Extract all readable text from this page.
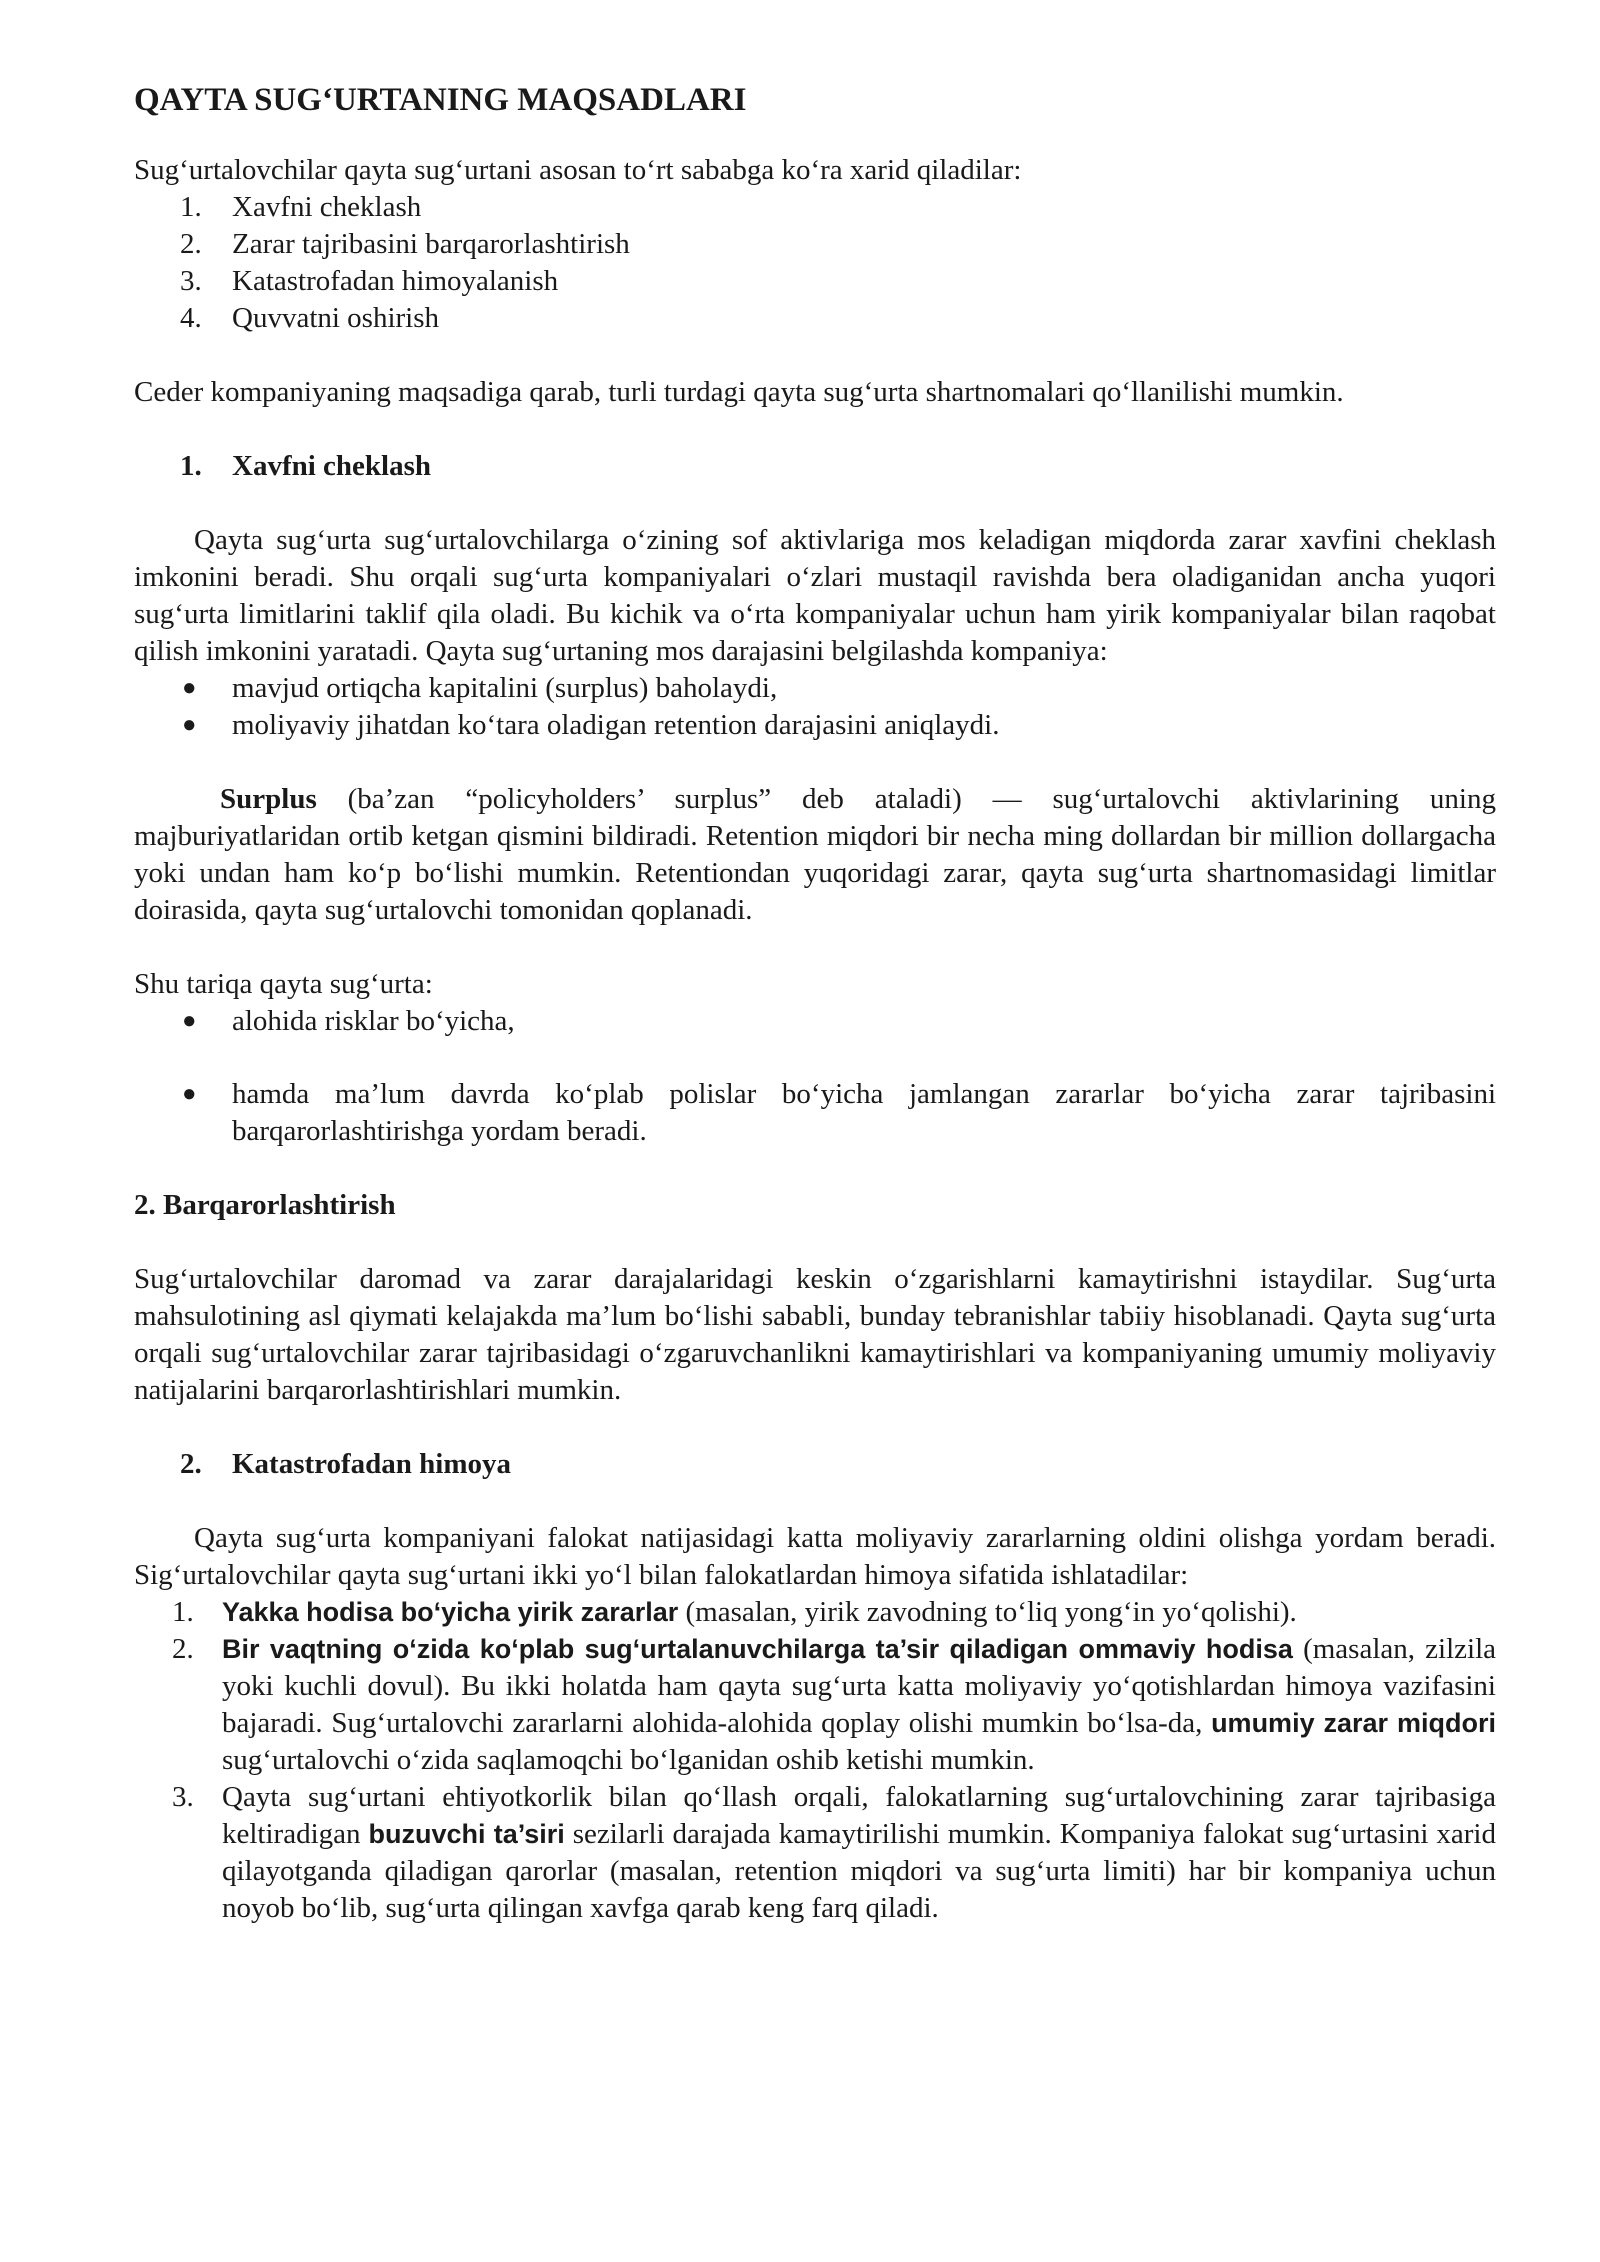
QAYTA SUG‘URTANING MAQSADLARI

Sug‘urtalovchilar qayta sug‘urtani asosan to‘rt sababga ko‘ra xarid qiladilar:

1. Xavfni cheklash
2. Zarar tajribasini barqarorlashtirish
3. Katastrofadan himoyalanish
4. Quvvatni oshirish

Ceder kompaniyaning maqsadiga qarab, turli turdagi qayta sug‘urta shartnomalari qo‘llanilishi mumkin.

1. Xavfni cheklash

Qayta sug‘urta sug‘urtalovchilarga o‘zining sof aktivlariga mos keladigan miqdorda zarar xavfini cheklash imkonini beradi. Shu orqali sug‘urta kompaniyalari o‘zlari mustaqil ravishda bera oladiganidan ancha yuqori sug‘urta limitlarini taklif qila oladi. Bu kichik va o‘rta kompaniyalar uchun ham yirik kompaniyalar bilan raqobat qilish imkonini yaratadi. Qayta sug‘urtaning mos darajasini belgilashda kompaniya:

● mavjud ortiqcha kapitalini (surplus) baholaydi,
● moliyaviy jihatdan ko‘tara oladigan retention darajasini aniqlaydi.

Surplus (ba’zan “policyholders’ surplus” deb ataladi) — sug‘urtalovchi aktivlarining uning majburiyatlaridan ortib ketgan qismini bildiradi. Retention miqdori bir necha ming dollardan bir million dollargacha yoki undan ham ko‘p bo‘lishi mumkin. Retentiondan yuqoridagi zarar, qayta sug‘urta shartnomasidagi limitlar doirasida, qayta sug‘urtalovchi tomonidan qoplanadi.

Shu tariqa qayta sug‘urta:

● alohida risklar bo‘yicha,
● hamda ma’lum davrda ko‘plab polislar bo‘yicha jamlangan zararlar bo‘yicha zarar tajribasini barqarorlashtirishga yordam beradi.

2. Barqarorlashtirish

Sug‘urtalovchilar daromad va zarar darajalaridagi keskin o‘zgarishlarni kamaytirishni istaydilar. Sug‘urta mahsulotining asl qiymati kelajakda ma’lum bo‘lishi sababli, bunday tebranishlar tabiiy hisoblanadi. Qayta sug‘urta orqali sug‘urtalovchilar zarar tajribasidagi o‘zgaruvchanlikni kamaytirishlari va kompaniyaning umumiy moliyaviy natijalarini barqarorlashtirishlari mumkin.

2. Katastrofadan himoya

Qayta sug‘urta kompaniyani falokat natijasidagi katta moliyaviy zararlarning oldini olishga yordam beradi. Sig‘urtalovchilar qayta sug‘urtani ikki yo‘l bilan falokatlardan himoya sifatida ishlatadilar:

1. Yakka hodisa bo‘yicha yirik zararlar (masalan, yirik zavodning to‘liq yong‘in yo‘qolishi).
2. Bir vaqtning o‘zida ko‘plab sug‘urtalanuvchilarga ta’sir qiladigan ommaviy hodisa (masalan, zilzila yoki kuchli dovul). Bu ikki holatda ham qayta sug‘urta katta moliyaviy yo‘qotishlardan himoya vazifasini bajaradi. Sug‘urtalovchi zararlarni alohida-alohida qoplay olishi mumkin bo‘lsa-da, umumiy zarar miqdori sug‘urtalovchi o‘zida saqlamoqchi bo‘lganidan oshib ketishi mumkin.
3. Qayta sug‘urtani ehtiyotkorlik bilan qo‘llash orqali, falokatlarning sug‘urtalovchining zarar tajribasiga keltiradigan buzuvchi ta’siri sezilarli darajada kamaytirilishi mumkin. Kompaniya falokat sug‘urtasini xarid qilayotganda qiladigan qarorlar (masalan, retention miqdori va sug‘urta limiti) har bir kompaniya uchun noyob bo‘lib, sug‘urta qilingan xavfga qarab keng farq qiladi.
